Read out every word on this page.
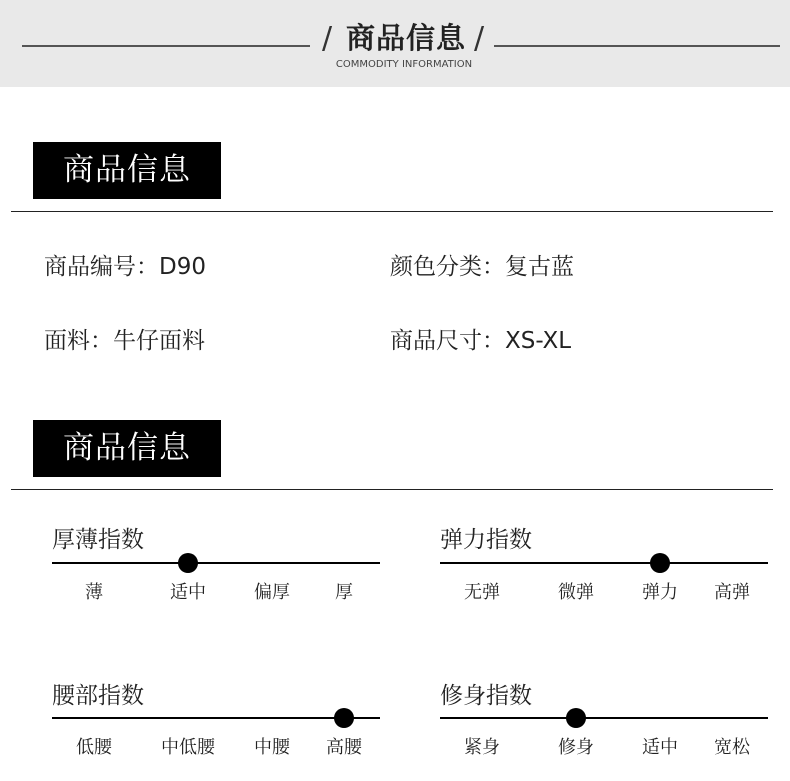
/ 商品信息 /
COMMODITY INFORMATION
商品信息
商品编号：D90	颜色分类：复古蓝
面料：牛仔面料	商品尺寸：XS-XL
商品信息
厚薄指数
薄	适中	偏厚	厚
弹力指数
无弹	微弹	弹力	高弹
腰部指数
低腰	中低腰	中腰	高腰
修身指数
紧身	修身	适中	宽松
